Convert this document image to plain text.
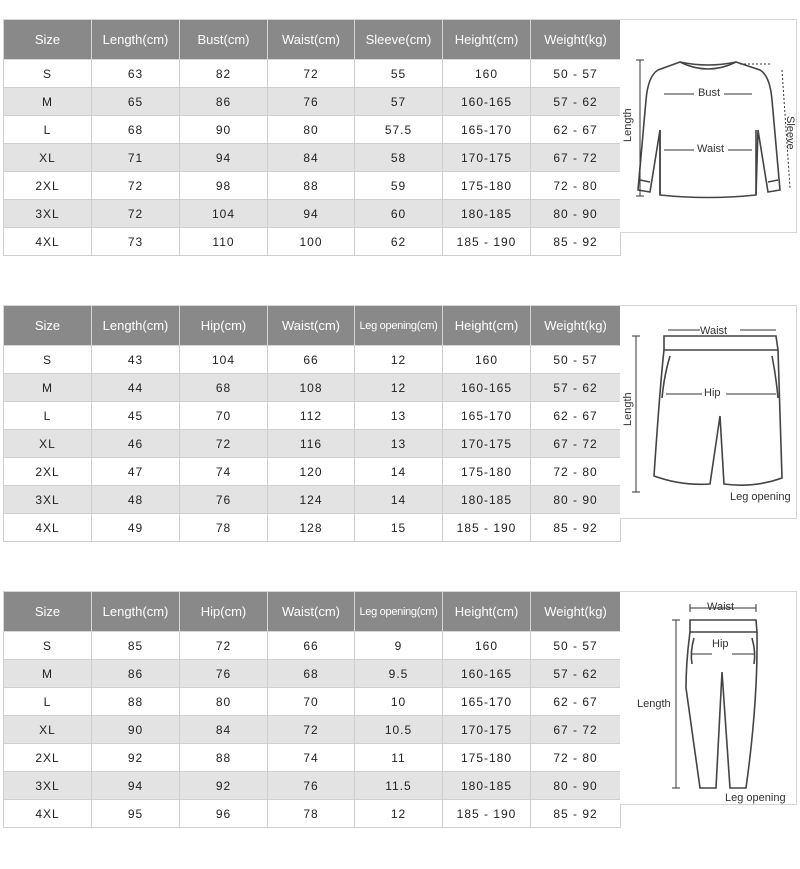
Size	Length(cm)	Bust(cm)	Waist(cm)	Sleeve(cm)	Height(cm)	Weight(kg)
S	63	82	72	55	160	50 - 57
M	65	86	76	57	160-165	57 - 62
L	68	90	80	57.5	165-170	62 - 67
XL	71	94	84	58	170-175	67 - 72
2XL	72	98	88	59	175-180	72 - 80
3XL	72	104	94	60	180-185	80 - 90
4XL	73	110	100	62	185 - 190	85 - 92
Length
Bust
Waist	Sleeve
Size	Length(cm)	Hip(cm)	Waist(cm)	Leg opening(cm)	Height(cm)	Weight(kg)
S	43	104	66	12	160	50 - 57
M	44	68	108	12	160-165	57 - 62
L	45	70	112	13	165-170	62 - 67
XL	46	72	116	13	170-175	67 - 72
2XL	47	74	120	14	175-180	72 - 80
3XL	48	76	124	14	180-185	80 - 90
4XL	49	78	128	15	185 - 190	85 - 92
Waist
Length	Hip
Leg opening
Size	Length(cm)	Hip(cm)	Waist(cm)	Leg opening(cm)	Height(cm)	Weight(kg)
S	85	72	66	9	160	50 - 57
M	86	76	68	9.5	160-165	57 - 62
L	88	80	70	10	165-170	62 - 67
XL	90	84	72	10.5	170-175	67 - 72
2XL	92	88	74	11	175-180	72 - 80
3XL	94	92	76	11.5	180-185	80 - 90
4XL	95	96	78	12	185 - 190	85 - 92
Waist
Hip
Length
Leg opening
